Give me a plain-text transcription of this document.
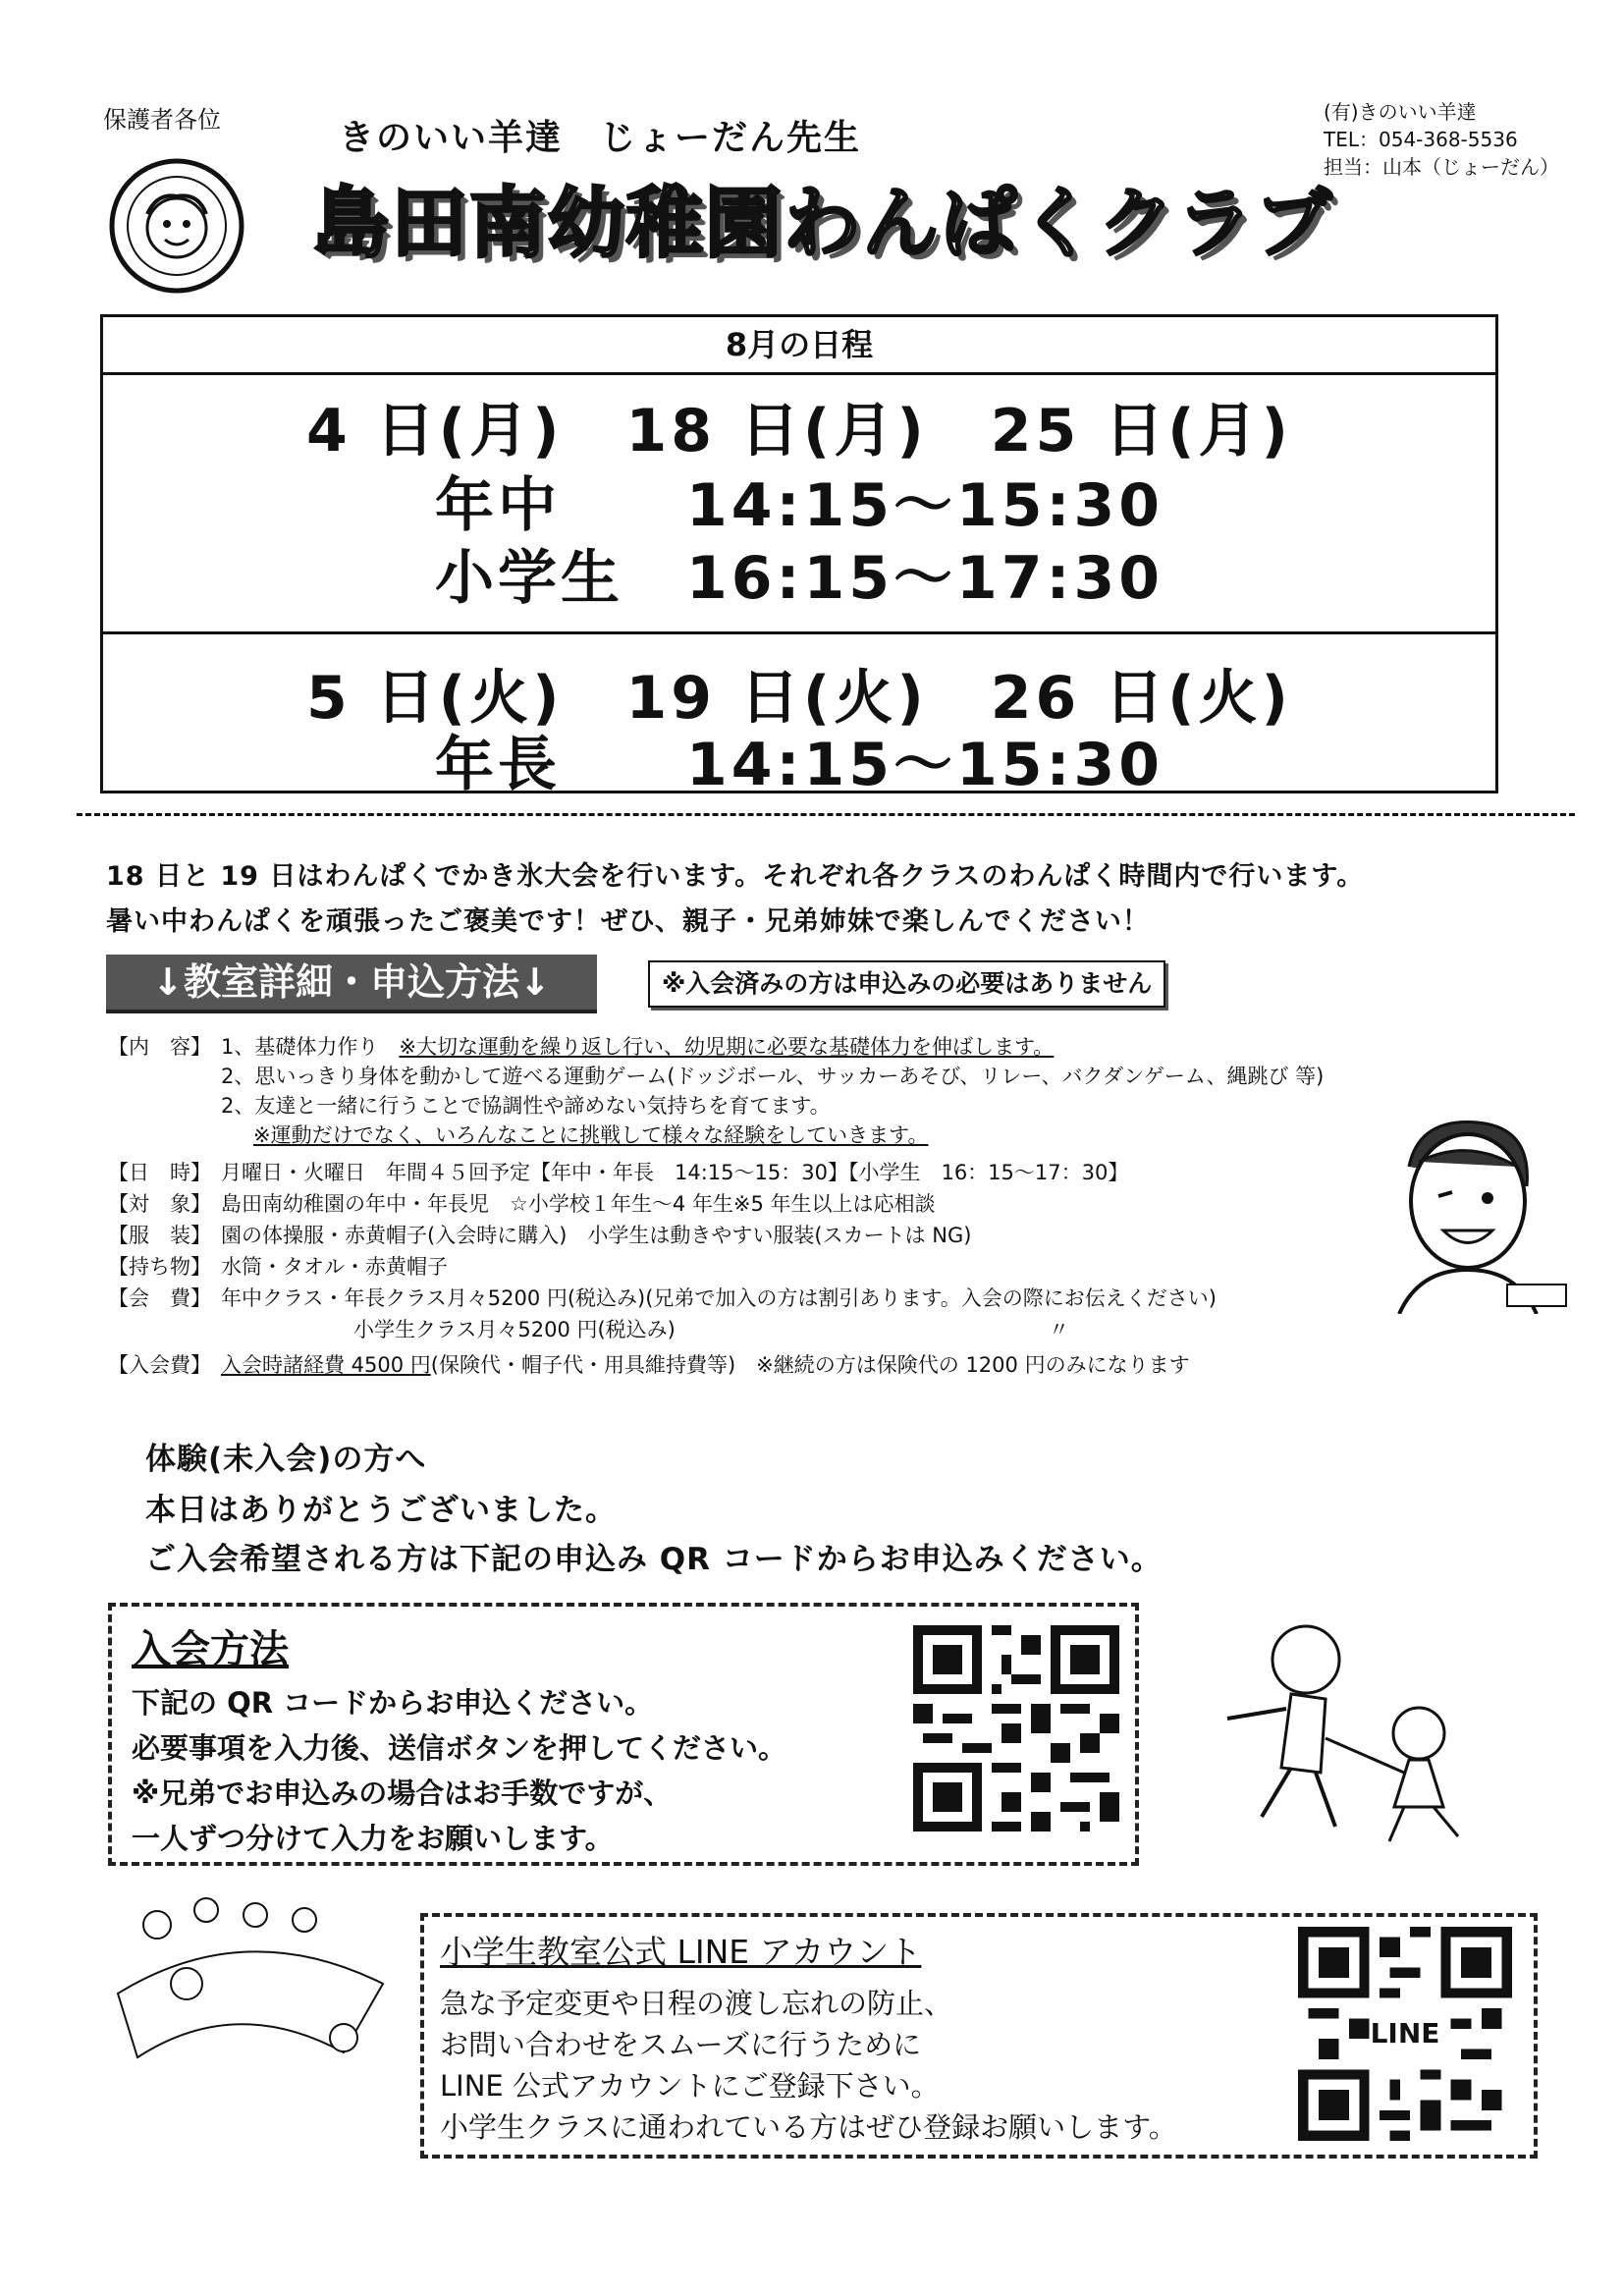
保護者各位	きのいい羊達　じょーだん先生
島田南幼稚園わんぱくクラブ
(有)きのいい羊達
TEL：054-368-5536
担当：山本（じょーだん）
8月の日程
4 日(月)　18 日(月)　25 日(月)
年中　　14:15～15:30
小学生　16:15～17:30
5 日(火)　19 日(火)　26 日(火)
年長　　14:15～15:30
18 日と 19 日はわんぱくでかき氷大会を行います。それぞれ各クラスのわんぱく時間内で行います。
暑い中わんぱくを頑張ったご褒美です！ぜひ、親子・兄弟姉妹で楽しんでください！
↓教室詳細・申込方法↓	※入会済みの方は申込みの必要はありません
【内　容】 1、基礎体力作り　※大切な運動を繰り返し行い、幼児期に必要な基礎体力を伸ばします。
2、思いっきり身体を動かして遊べる運動ゲーム(ドッジボール、サッカーあそび、リレー、バクダンゲーム、縄跳び 等)
2、友達と一緒に行うことで協調性や諦めない気持ちを育てます。
※運動だけでなく、いろんなことに挑戦して様々な経験をしていきます。
【日　時】 月曜日・火曜日　年間４５回予定【年中・年長　14:15～15：30】【小学生　16：15～17：30】
【対　象】 島田南幼稚園の年中・年長児　☆小学校１年生～4 年生※5 年生以上は応相談
【服　装】 園の体操服・赤黄帽子(入会時に購入)　小学生は動きやすい服装(スカートは NG)
【持ち物】 水筒・タオル・赤黄帽子
【会　費】 年中クラス・年長クラス月々5200 円(税込み)(兄弟で加入の方は割引あります。入会の際にお伝えください)
小学生クラス月々5200 円(税込み)	〃
【入会費】 入会時諸経費 4500 円(保険代・帽子代・用具維持費等)　※継続の方は保険代の 1200 円のみになります
体験(未入会)の方へ
本日はありがとうございました。
ご入会希望される方は下記の申込み QR コードからお申込みください。
入会方法
下記の QR コードからお申込ください。
必要事項を入力後、送信ボタンを押してください。
※兄弟でお申込みの場合はお手数ですが、
一人ずつ分けて入力をお願いします。
小学生教室公式 LINE アカウント
急な予定変更や日程の渡し忘れの防止、
お問い合わせをスムーズに行うために
LINE 公式アカウントにご登録下さい。
小学生クラスに通われている方はぜひ登録お願いします。
LINE
